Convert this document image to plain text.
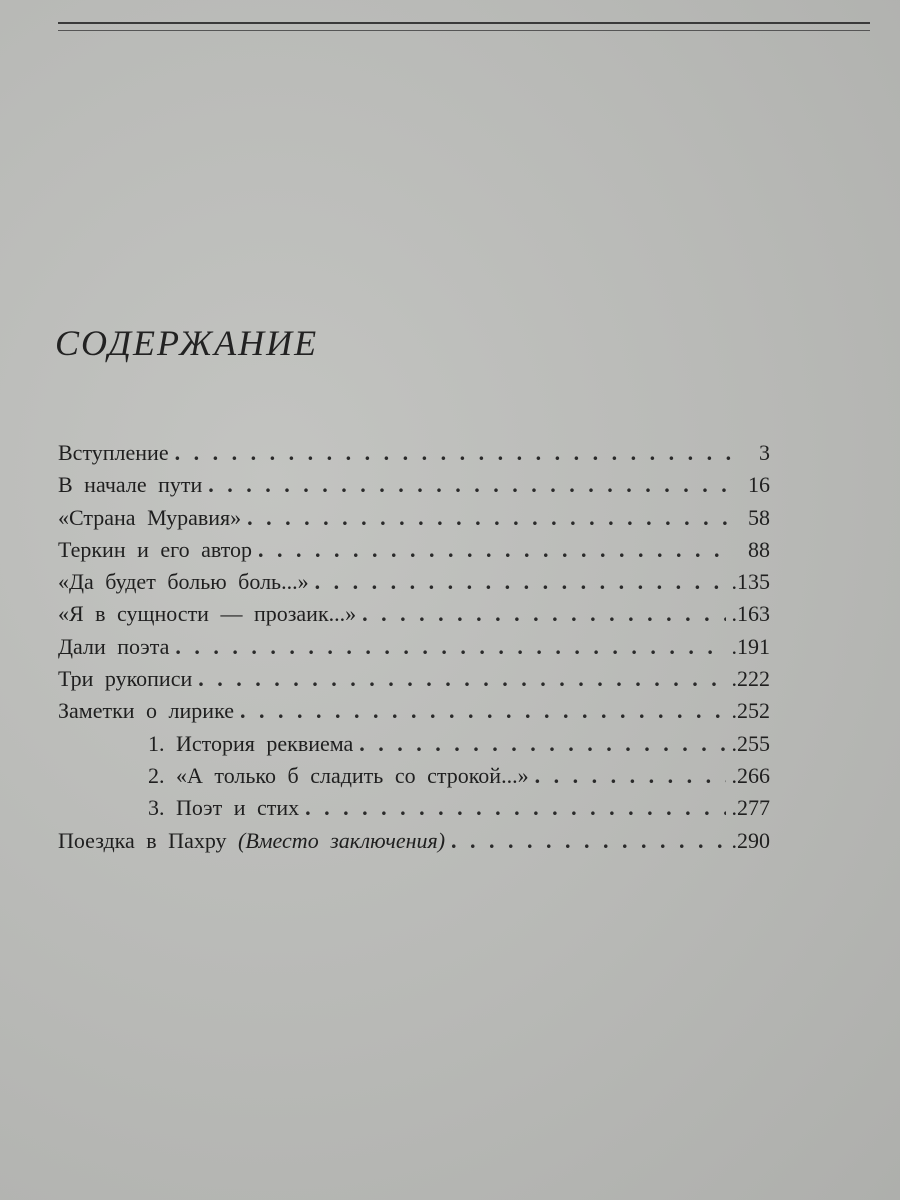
СОДЕРЖАНИЕ
Вступление . . .	3
В начале пути . . .	16
«Страна Муравия» . . .	58
Теркин и его автор . . .	88
«Да будет болью боль...» . . .	.135
«Я в сущности — прозаик...» . . .	.163
Дали поэта . . .	.191
Три рукописи . . .	.222
Заметки о лирике . . .	.252
1. История реквиема . . .	.255
2. «А только б сладить со строкой...» . . .	.266
3. Поэт и стих . . .	.277
Поездка в Пахру (Вместо заключения) . . .	.290
